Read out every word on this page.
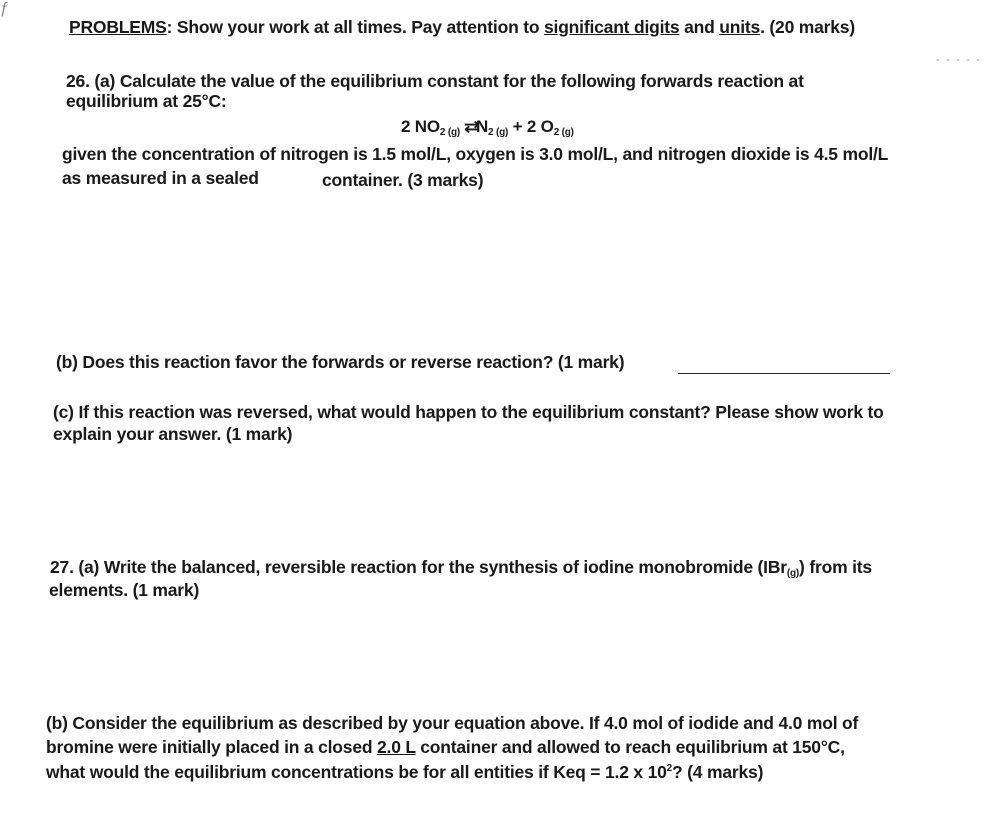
ƒ
- - - - -
PROBLEMS: Show your work at all times. Pay attention to significant digits and units. (20 marks)
26. (a) Calculate the value of the equilibrium constant for the following forwards reaction at
equilibrium at 25°C:
2 $NO_{2 (g)}$ $⇄N_{2 (g)} + 2$ $O_{2 (g)}$
given the concentration of nitrogen is 1.5 mol/L, oxygen is 3.0 mol/L, and nitrogen dioxide is 4.5 mol/L
as measured in a sealed	container. (3 marks)
(b) Does this reaction favor the forwards or reverse reaction? (1 mark)
(c) If this reaction was reversed, what would happen to the equilibrium constant? Please show work to
explain your answer. (1 mark)
27. (a) Write the balanced, reversible reaction for the synthesis of iodine monobromide (IBr$_{(g)}$) from its
elements. (1 mark)
(b) Consider the equilibrium as described by your equation above. If 4.0 mol of iodide and 4.0 mol of
bromine were initially placed in a closed 2.0 L container and allowed to reach equilibrium at 150°C,
what would the equilibrium concentrations be for all entities if Keq = 1.2 x $10^2$? (4 marks)
